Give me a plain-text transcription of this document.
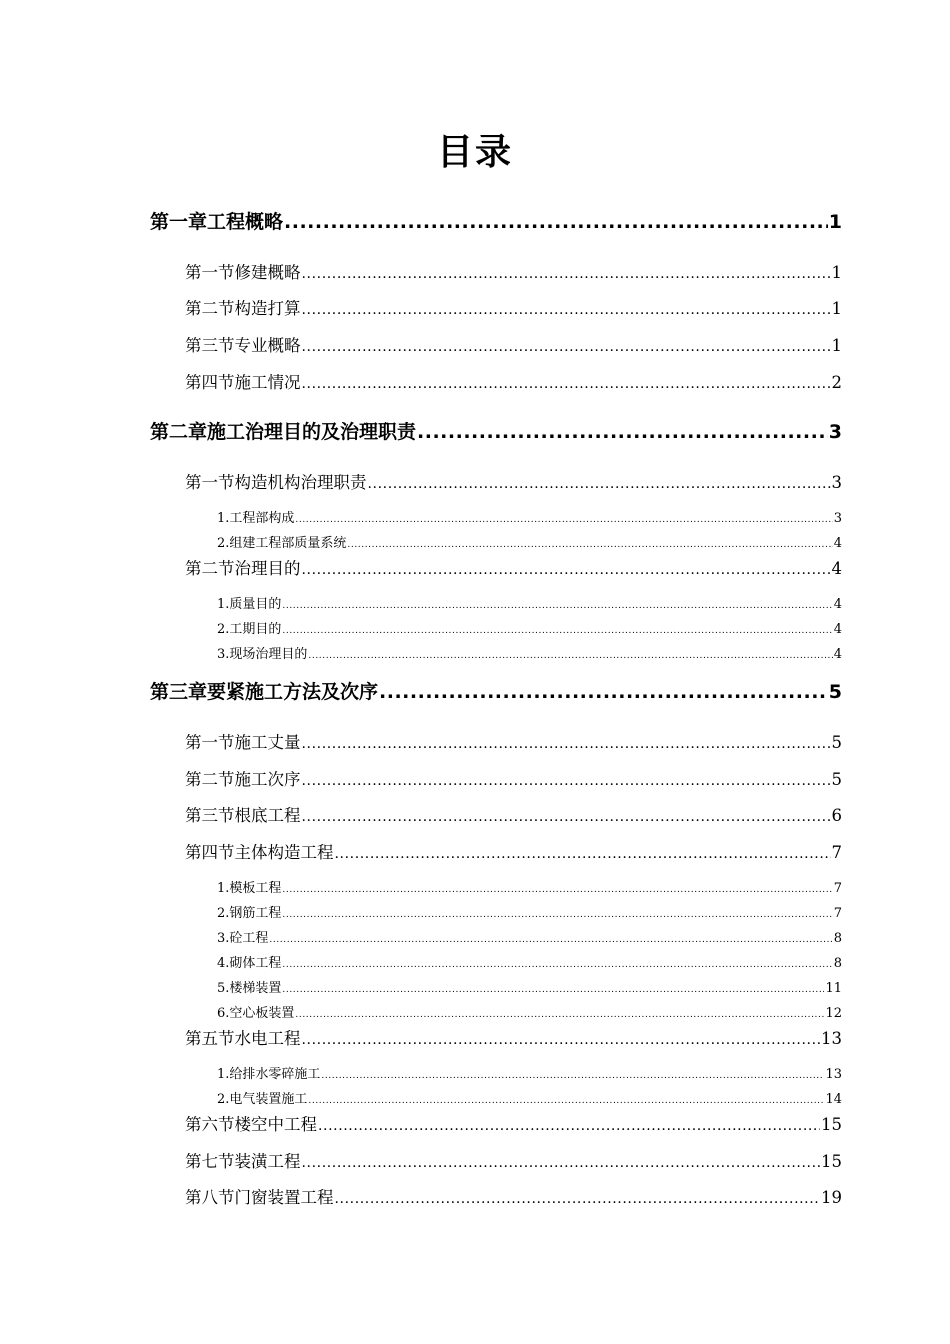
目录
第一章工程概略 .....	1
第一节修建概略 .....	1
第二节构造打算 .....	1
第三节专业概略 .....	1
第四节施工情况 .....	2
第二章施工治理目的及治理职责 .....	3
第一节构造机构治理职责 .....	3
1.工程部构成 .....	3
2.组建工程部质量系统 .....	4
第二节治理目的 .....	4
1.质量目的 .....	4
2.工期目的 .....	4
3.现场治理目的 .....	4
第三章要紧施工方法及次序 .....	5
第一节施工丈量 .....	5
第二节施工次序 .....	5
第三节根底工程 .....	6
第四节主体构造工程 .....	7
1.模板工程 .....	7
2.钢筋工程 .....	7
3.砼工程 .....	8
4.砌体工程 .....	8
5.楼梯装置 .....	11
6.空心板装置 .....	12
第五节水电工程 .....	13
1.给排水零碎施工 .....	13
2.电气装置施工 .....	14
第六节楼空中工程 .....	15
第七节装潢工程 .....	15
第八节门窗装置工程 .....	19
